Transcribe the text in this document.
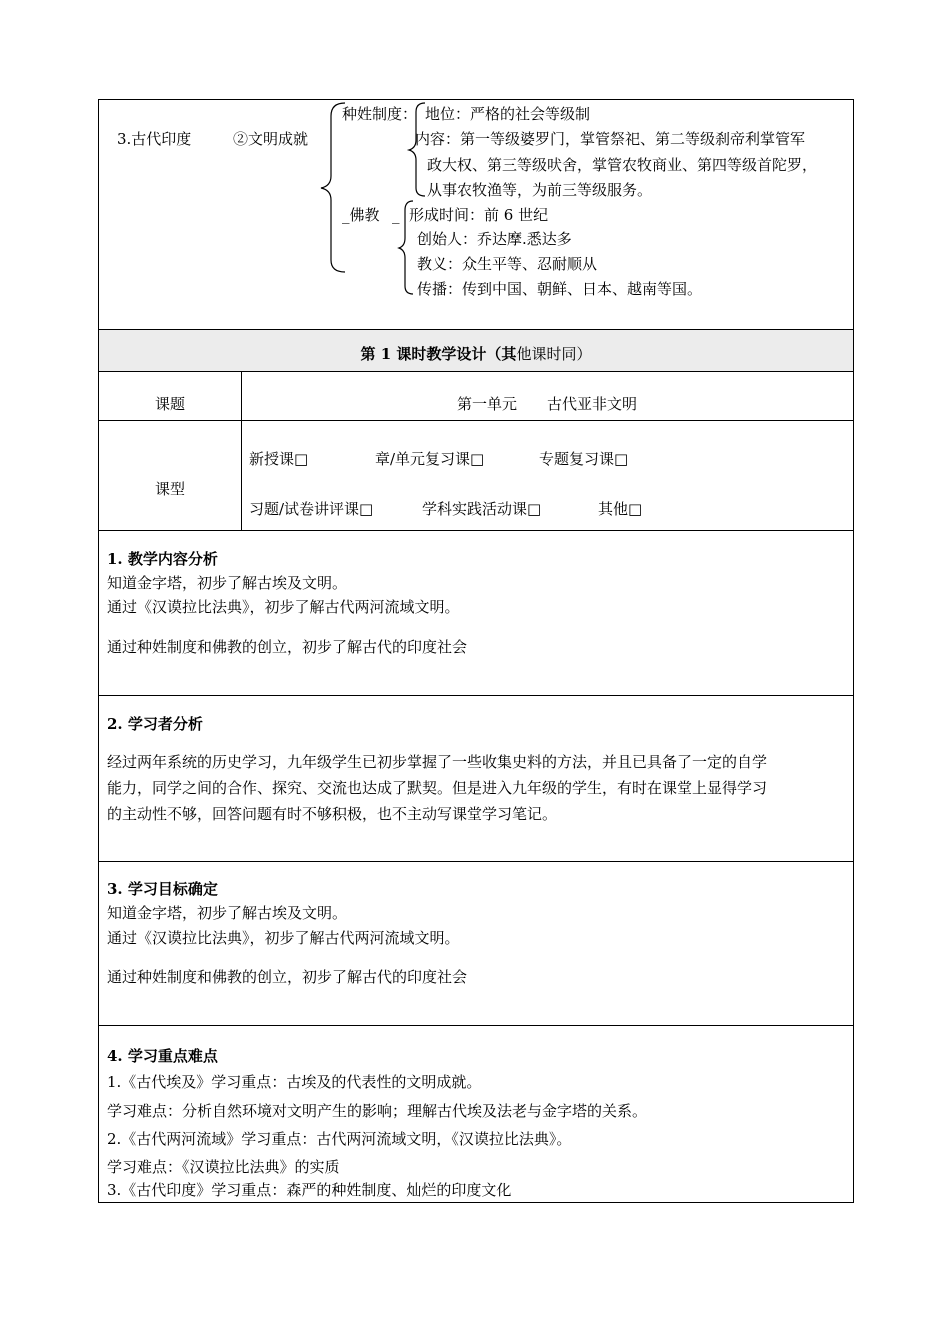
3.古代印度	②文明成就
种姓制度： 地位：严格的社会等级制
内容：第一等级婆罗门，掌管祭祀、第二等级刹帝利掌管军
政大权、第三等级吠舍，掌管农牧商业、第四等级首陀罗，
从事农牧渔等，为前三等级服务。
_佛教 _ 形成时间：前 6 世纪
创始人：乔达摩.悉达多
教义：众生平等、忍耐顺从
传播：传到中国、朝鲜、日本、越南等国。
第 1 课时教学设计（其他课时同）
课题	第一单元　　古代亚非文明
课型
新授课□	章/单元复习课□	专题复习课□
习题/试卷讲评课□	学科实践活动课□	其他□
1. 教学内容分析
知道金字塔，初步了解古埃及文明。
通过《汉谟拉比法典》，初步了解古代两河流域文明。
通过种姓制度和佛教的创立，初步了解古代的印度社会
2. 学习者分析
经过两年系统的历史学习，九年级学生已初步掌握了一些收集史料的方法，并且已具备了一定的自学
能力，同学之间的合作、探究、交流也达成了默契。但是进入九年级的学生，有时在课堂上显得学习
的主动性不够，回答问题有时不够积极，也不主动写课堂学习笔记。
3. 学习目标确定
知道金字塔，初步了解古埃及文明。
通过《汉谟拉比法典》，初步了解古代两河流域文明。
通过种姓制度和佛教的创立，初步了解古代的印度社会
4. 学习重点难点
1.《古代埃及》学习重点：古埃及的代表性的文明成就。
学习难点：分析自然环境对文明产生的影响；理解古代埃及法老与金字塔的关系。
2.《古代两河流域》学习重点：古代两河流域文明，《汉谟拉比法典》。
学习难点：《汉谟拉比法典》的实质
3.《古代印度》学习重点：森严的种姓制度、灿烂的印度文化
